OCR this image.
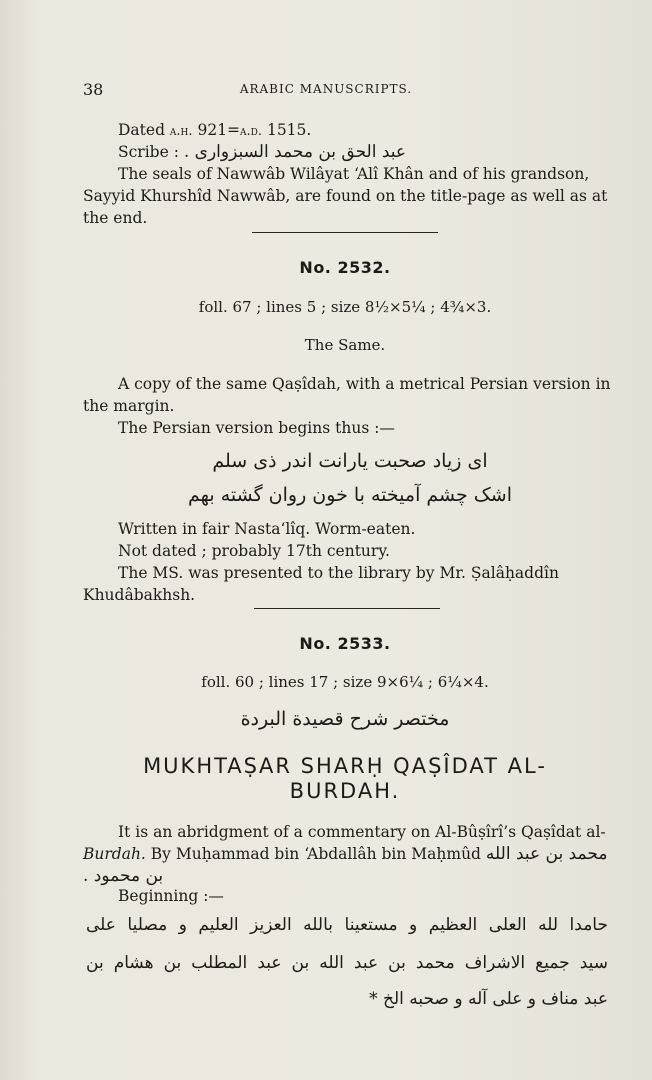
38	ARABIC MANUSCRIPTS.
Dated a.h. 921=a.d. 1515.
Scribe : عبد الحق بن محمد السبزواری .
The seals of Nawwâb Wilâyat ‘Alî Khân and of his grandson,
Sayyid Khurshîd Nawwâb, are found on the title-page as well as at
the end.
No. 2532.
foll. 67 ; lines 5 ; size 8½×5¼ ; 4¾×3.
The Same.
A copy of the same Qaṣîdah, with a metrical Persian version in
the margin.
The Persian version begins thus :—
ای زیاد صحبت یارانت اندر ذی سلم
اشک چشم آمیخته با خون روان گشته بهم
Written in fair Nasta‘lîq. Worm-eaten.
Not dated ; probably 17th century.
The MS. was presented to the library by Mr. Ṣalâḥaddîn
Khudâbakhsh.
No. 2533.
foll. 60 ; lines 17 ; size 9×6¼ ; 6¼×4.
مختصر شرح قصيدة البردة
MUKHTAṢAR SHARḤ QAṢÎDAT AL-
BURDAH.
It is an abridgment of a commentary on Al-Bûṣîrî’s Qaṣîdat al-
Burdah. By Muḥammad bin ‘Abdallâh bin Maḥmûd محمد بن عبد الله
بن محمود .
Beginning :—
حامدا لله العلى العظيم و مستعينا بالله العزيز العليم و مصليا على
سيد جميع الاشراف محمد بن عبد الله بن عبد المطلب بن هشام بن
عبد مناف و على آله و صحبه الخ *
